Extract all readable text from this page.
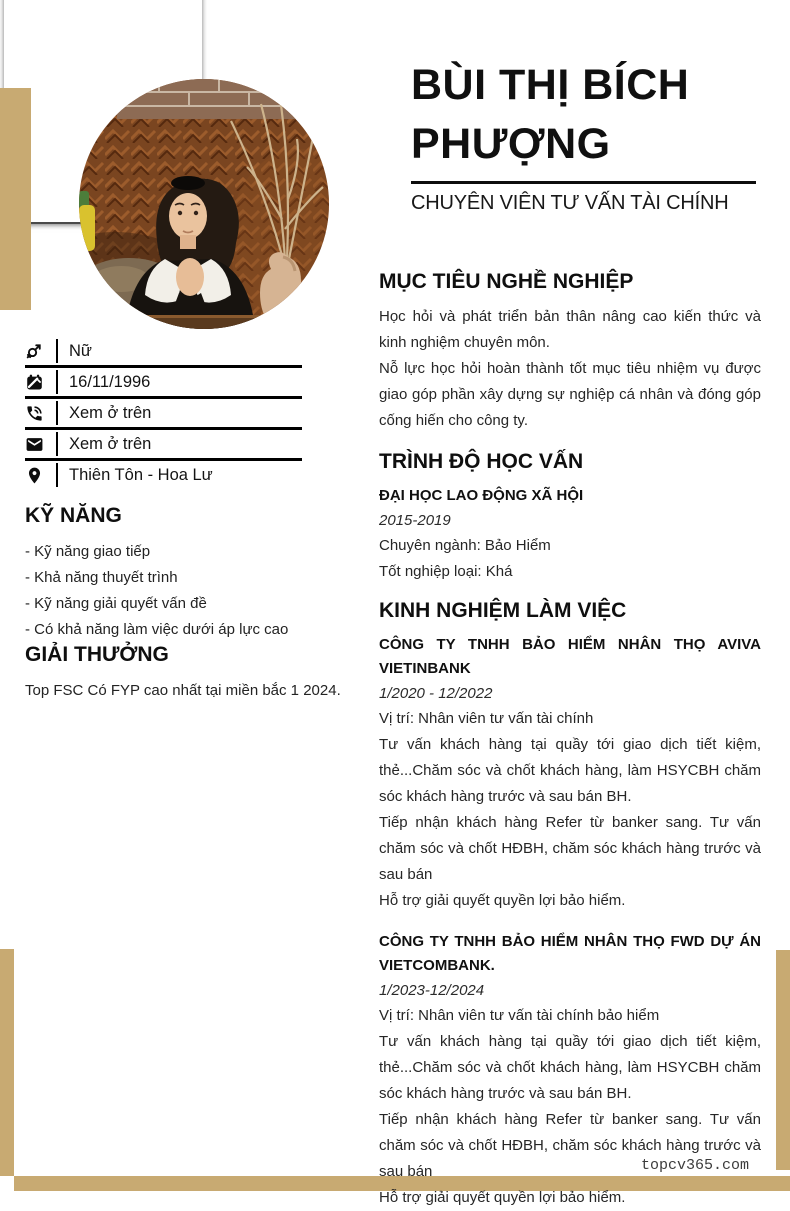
BÙI THỊ BÍCH PHƯỢNG
CHUYÊN VIÊN TƯ VẤN TÀI CHÍNH
Nữ
16/11/1996
Xem ở trên
Xem ở trên
Thiên Tôn - Hoa Lư
KỸ NĂNG
- Kỹ năng giao tiếp
- Khả năng thuyết trình
- Kỹ năng giải quyết vấn đề
- Có khả năng làm việc dưới áp lực cao
GIẢI THƯỞNG
Top FSC Có FYP cao nhất tại miền bắc 1 2024.
MỤC TIÊU NGHỀ NGHIỆP

Học hỏi và phát triển bản thân nâng cao kiến thức và kinh nghiệm chuyên môn.

Nỗ lực học hỏi hoàn thành tốt mục tiêu nhiệm vụ được giao góp phần xây dựng sự nghiệp cá nhân và đóng góp cống hiến cho công ty.

TRÌNH ĐỘ HỌC VẤN
ĐẠI HỌC LAO ĐỘNG XÃ HỘI
2015-2019

Chuyên ngành: Bảo Hiểm

Tốt nghiệp loại: Khá

KINH NGHIỆM LÀM VIỆC
CÔNG TY TNHH BẢO HIỂM NHÂN THỌ AVIVA VIETINBANK
1/2020 - 12/2022

Vị trí: Nhân viên tư vấn tài chính

Tư vấn khách hàng tại quầy tới giao dịch tiết kiệm, thẻ...Chăm sóc và chốt khách hàng, làm HSYCBH chăm sóc khách hàng trước và sau bán BH.

Tiếp nhận khách hàng Refer từ banker sang. Tư vấn chăm sóc và chốt HĐBH, chăm sóc khách hàng trước và sau bán

Hỗ trợ giải quyết quyền lợi bảo hiểm.

CÔNG TY TNHH BẢO HIỂM NHÂN THỌ FWD DỰ ÁN VIETCOMBANK.
1/2023-12/2024

Vị trí: Nhân viên tư vấn tài chính bảo hiểm

Tư vấn khách hàng tại quầy tới giao dịch tiết kiệm, thẻ...Chăm sóc và chốt khách hàng, làm HSYCBH chăm sóc khách hàng trước và sau bán BH.

Tiếp nhận khách hàng Refer từ banker sang. Tư vấn chăm sóc và chốt HĐBH, chăm sóc khách hàng trước và sau bán

Hỗ trợ giải quyết quyền lợi bảo hiểm.

topcv365.com
